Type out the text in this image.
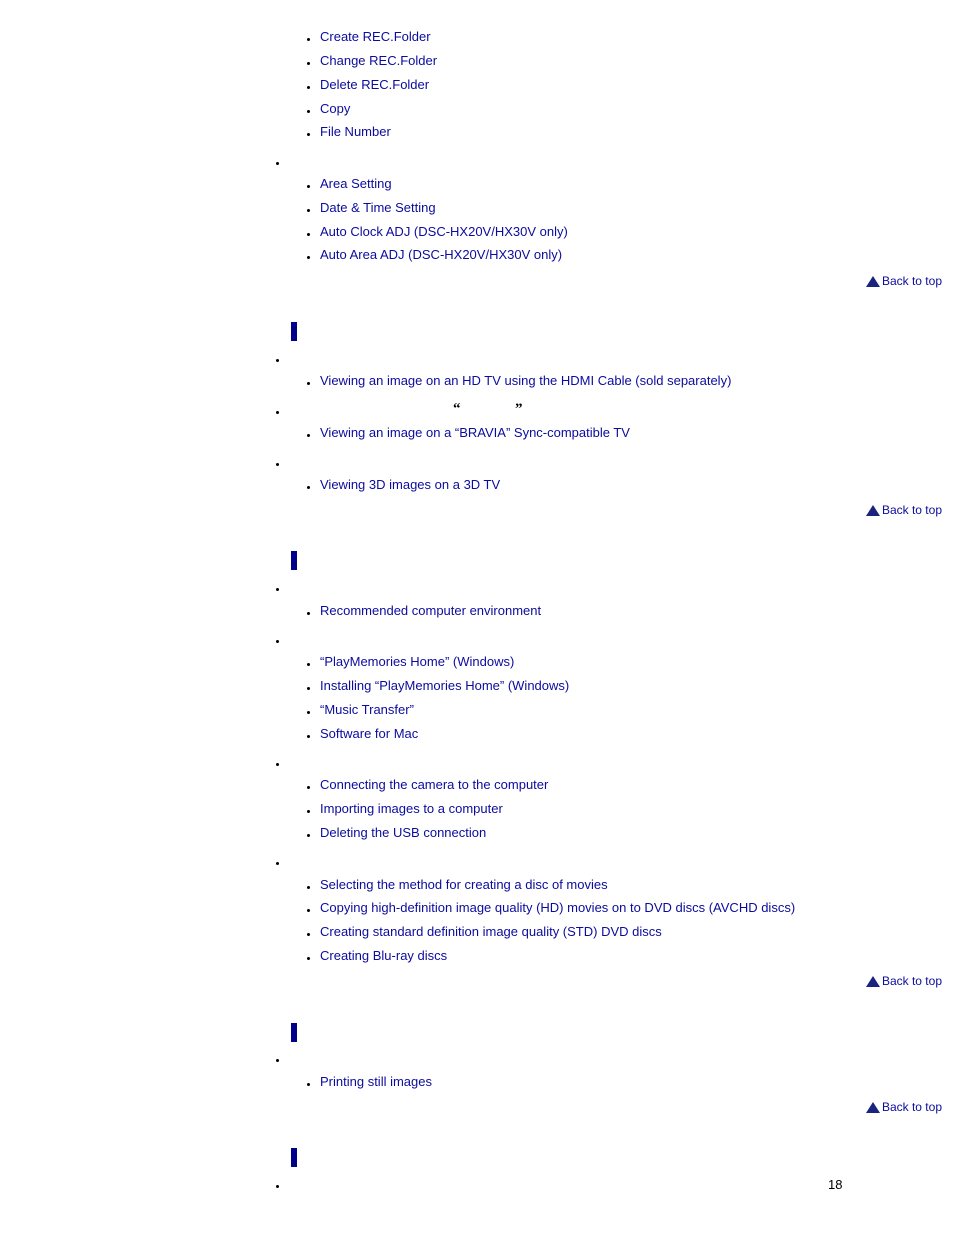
Create REC.Folder
Change REC.Folder
Delete REC.Folder
Copy
File Number
Area Setting
Date & Time Setting
Auto Clock ADJ (DSC-HX20V/HX30V only)
Auto Area ADJ (DSC-HX20V/HX30V only)
Back to top
Viewing an image on an HD TV using the HDMI Cable (sold separately)
“	”
Viewing an image on a “BRAVIA” Sync-compatible TV
Viewing 3D images on a 3D TV
Back to top
Recommended computer environment
“PlayMemories Home” (Windows)
Installing “PlayMemories Home” (Windows)
“Music Transfer”
Software for Mac
Connecting the camera to the computer
Importing images to a computer
Deleting the USB connection
Selecting the method for creating a disc of movies
Copying high-definition image quality (HD) movies on to DVD discs (AVCHD discs)
Creating standard definition image quality (STD) DVD discs
Creating Blu-ray discs
Back to top
Printing still images
Back to top
18
